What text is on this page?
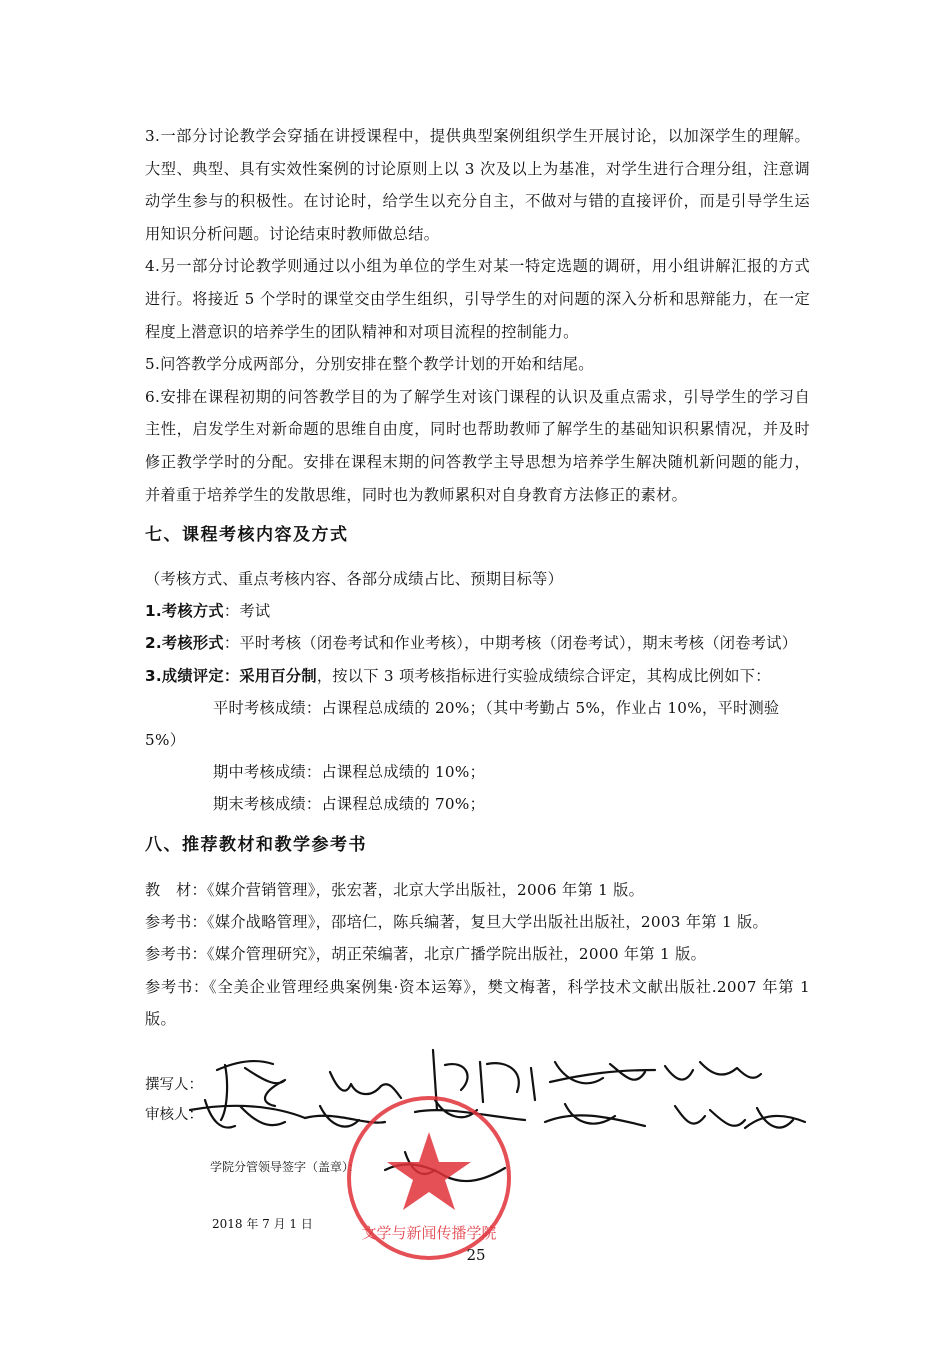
3.一部分讨论教学会穿插在讲授课程中，提供典型案例组织学生开展讨论，以加深学生的理解。大型、典型、具有实效性案例的讨论原则上以 3 次及以上为基准，对学生进行合理分组，注意调动学生参与的积极性。在讨论时，给学生以充分自主，不做对与错的直接评价，而是引导学生运用知识分析问题。讨论结束时教师做总结。

4.另一部分讨论教学则通过以小组为单位的学生对某一特定选题的调研，用小组讲解汇报的方式进行。将接近 5 个学时的课堂交由学生组织，引导学生的对问题的深入分析和思辩能力，在一定程度上潜意识的培养学生的团队精神和对项目流程的控制能力。

5.问答教学分成两部分，分别安排在整个教学计划的开始和结尾。

6.安排在课程初期的问答教学目的为了解学生对该门课程的认识及重点需求，引导学生的学习自主性，启发学生对新命题的思维自由度，同时也帮助教师了解学生的基础知识积累情况，并及时修正教学学时的分配。安排在课程末期的问答教学主导思想为培养学生解决随机新问题的能力，并着重于培养学生的发散思维，同时也为教师累积对自身教育方法修正的素材。

七、课程考核内容及方式

（考核方式、重点考核内容、各部分成绩占比、预期目标等）

1.考核方式：考试

2.考核形式：平时考核（闭卷考试和作业考核），中期考核（闭卷考试），期末考核（闭卷考试）

3.成绩评定：采用百分制，按以下 3 项考核指标进行实验成绩综合评定，其构成比例如下：

平时考核成绩：占课程总成绩的 20%；（其中考勤占 5%，作业占 10%，平时测验

5%）

期中考核成绩：占课程总成绩的 10%；

期末考核成绩：占课程总成绩的 70%；

八、推荐教材和教学参考书

教　材：《媒介营销管理》，张宏著，北京大学出版社，2006 年第 1 版。

参考书：《媒介战略管理》，邵培仁，陈兵编著，复旦大学出版社出版社，2003 年第 1 版。

参考书：《媒介管理研究》，胡正荣编著，北京广播学院出版社，2000 年第 1 版。

参考书：《全美企业管理经典案例集·资本运筹》，樊文梅著，科学技术文献出版社.2007 年第 1 版。

撰写人：
审核人：
学院分管领导签字（盖章）：
2018 年 7 月 1 日	文学与新闻传播学院
25
